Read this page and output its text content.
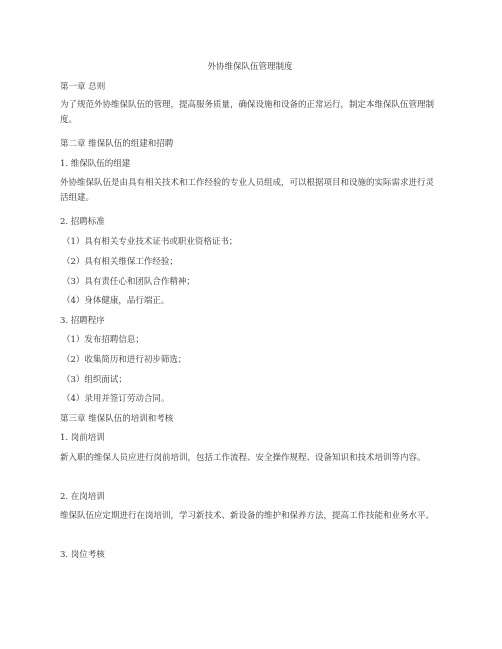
外协维保队伍管理制度
第一章 总则
为了规范外协维保队伍的管理，提高服务质量，确保设施和设备的正常运行，制定本维保队伍管理制度。
第二章 维保队伍的组建和招聘
1. 维保队伍的组建
外协维保队伍是由具有相关技术和工作经验的专业人员组成，可以根据项目和设施的实际需求进行灵活组建。
2. 招聘标准
（1）具有相关专业技术证书或职业资格证书；
（2）具有相关维保工作经验；
（3）具有责任心和团队合作精神；
（4）身体健康，品行端正。
3. 招聘程序
（1）发布招聘信息；
（2）收集简历和进行初步筛选；
（3）组织面试；
（4）录用并签订劳动合同。
第三章 维保队伍的培训和考核
1. 岗前培训
新入职的维保人员应进行岗前培训，包括工作流程、安全操作规程、设备知识和技术培训等内容。
2. 在岗培训
维保队伍应定期进行在岗培训，学习新技术、新设备的维护和保养方法，提高工作技能和业务水平。
3. 岗位考核
